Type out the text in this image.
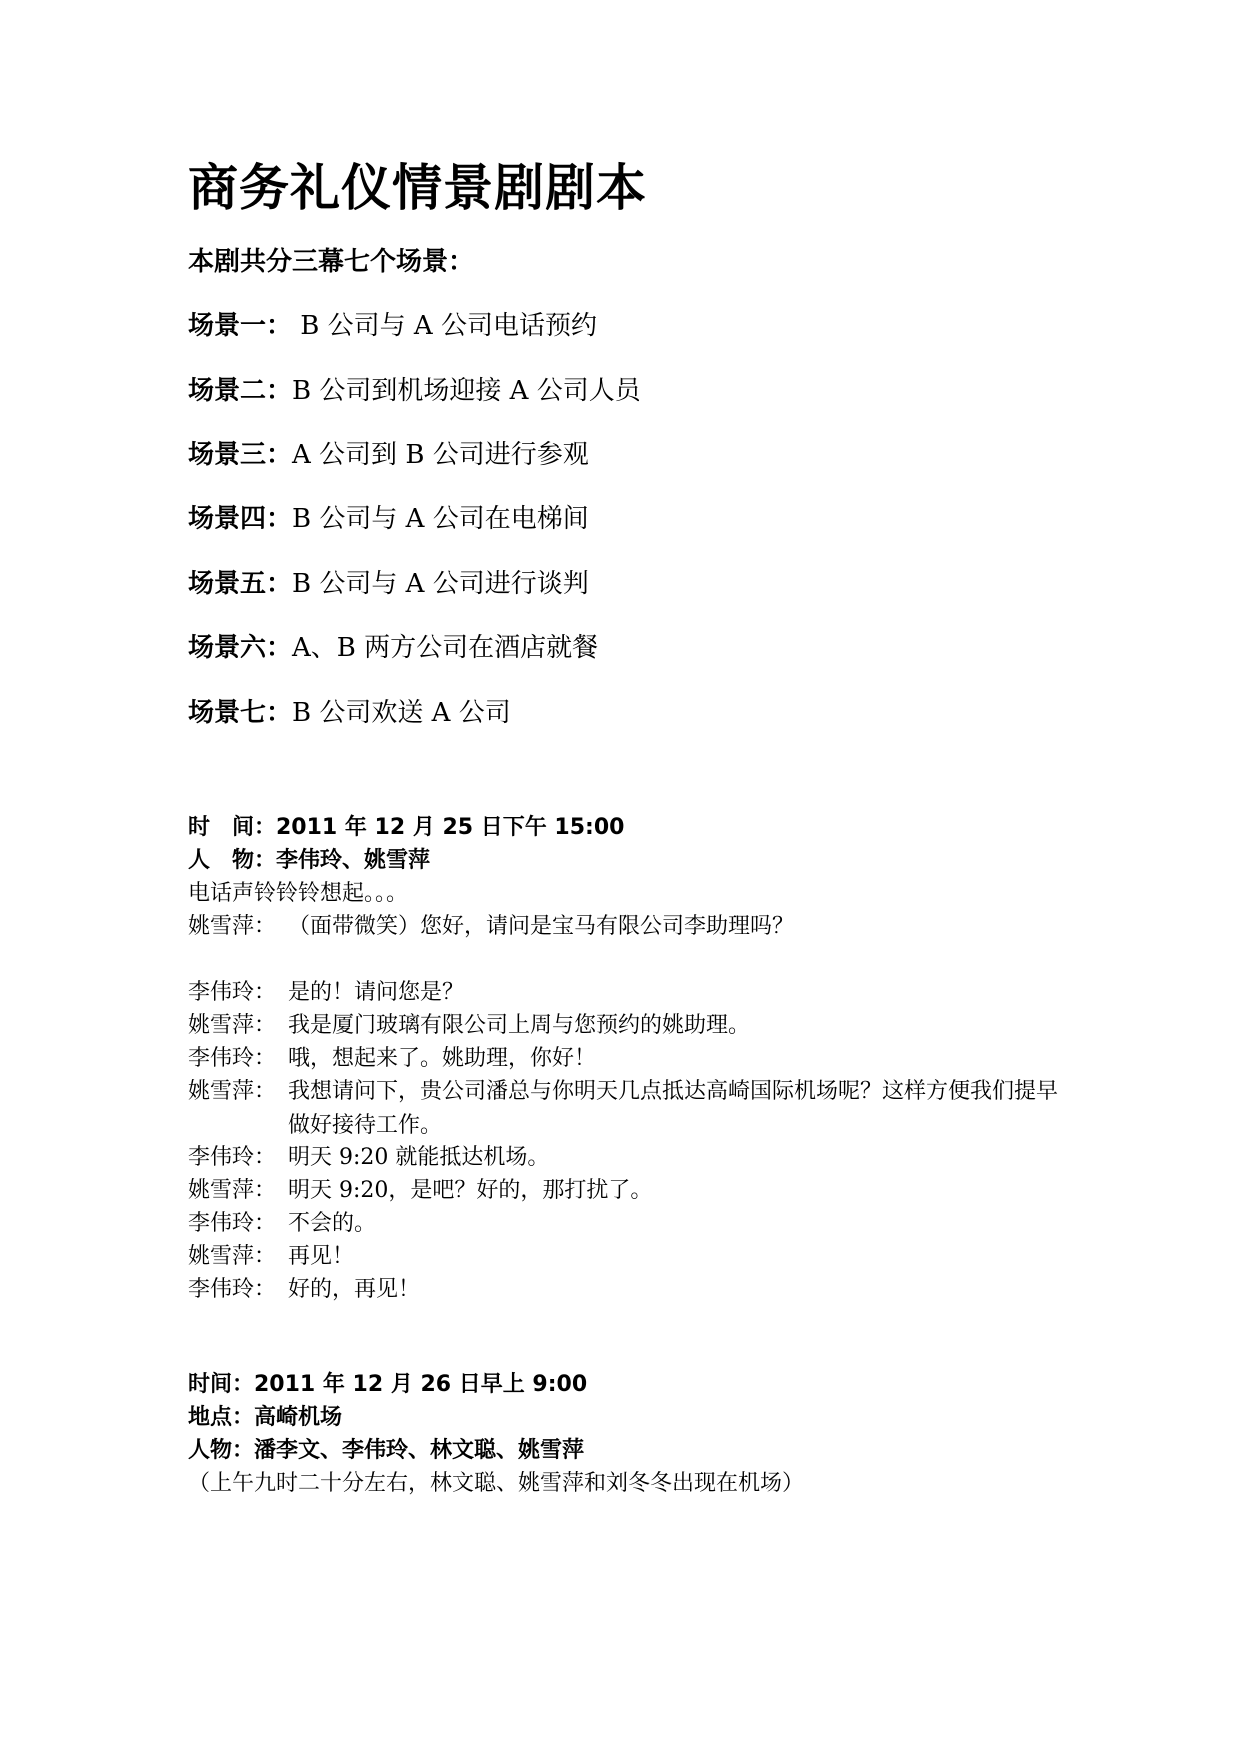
商务礼仪情景剧剧本
本剧共分三幕七个场景：
场景一： B 公司与 A 公司电话预约
场景二：B 公司到机场迎接 A 公司人员
场景三：A 公司到 B 公司进行参观
场景四：B 公司与 A 公司在电梯间
场景五：B 公司与 A 公司进行谈判
场景六：A、B 两方公司在酒店就餐
场景七：B 公司欢送 A 公司
时　间：2011 年 12 月 25 日下午 15:00
人　物：李伟玲、姚雪萍
电话声铃铃铃想起。。。
姚雪萍： （面带微笑）您好，请问是宝马有限公司李助理吗？
李伟玲： 是的！请问您是？
姚雪萍： 我是厦门玻璃有限公司上周与您预约的姚助理。
李伟玲： 哦，想起来了。姚助理，你好！
姚雪萍： 我想请问下，贵公司潘总与你明天几点抵达高崎国际机场呢？这样方便我们提早做好接待工作。
李伟玲： 明天 9:20 就能抵达机场。
姚雪萍： 明天 9:20，是吧？好的，那打扰了。
李伟玲： 不会的。
姚雪萍： 再见！
李伟玲： 好的，再见！
时间：2011 年 12 月 26 日早上 9:00
地点：高崎机场
人物：潘李文、李伟玲、林文聪、姚雪萍
（上午九时二十分左右，林文聪、姚雪萍和刘冬冬出现在机场）
